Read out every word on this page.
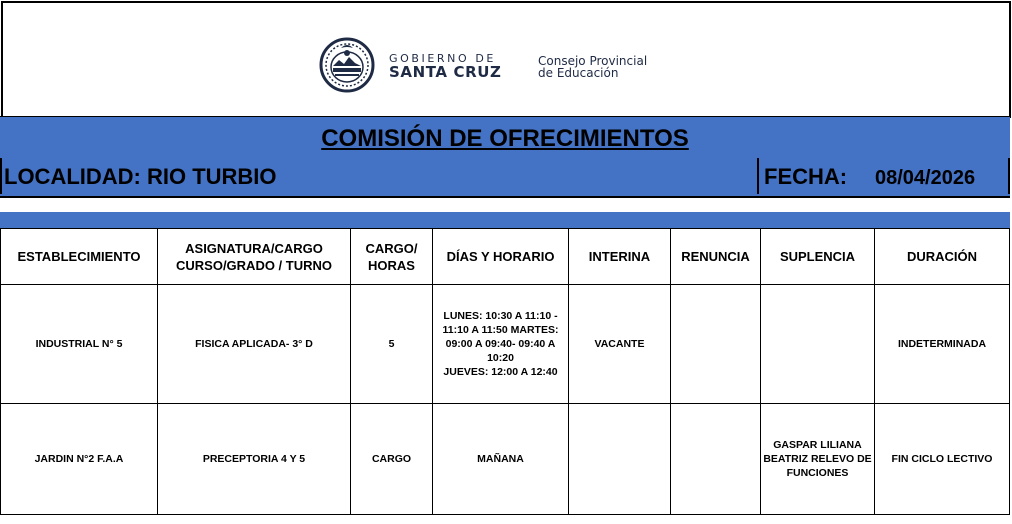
GOBIERNO DE
SANTA CRUZ
Consejo Provincial
de Educación
COMISIÓN DE OFRECIMIENTOS
LOCALIDAD: RIO TURBIO	FECHA: 08/04/2026
ESTABLECIMIENTO	ASIGNATURA/CARGO CURSO/GRADO / TURNO	CARGO/ HORAS	DÍAS Y HORARIO	INTERINA	RENUNCIA	SUPLENCIA	DURACIÓN
INDUSTRIAL N° 5	FISICA APLICADA- 3° D	5	LUNES: 10:30 A 11:10 -
11:10 A 11:50 MARTES:
09:00 A 09:40- 09:40 A 10:20
JUEVES: 12:00 A 12:40	VACANTE			INDETERMINADA
JARDIN N°2 F.A.A	PRECEPTORIA 4 Y 5	CARGO	MAÑANA			GASPAR LILIANA
BEATRIZ RELEVO DE
FUNCIONES	FIN CICLO LECTIVO
